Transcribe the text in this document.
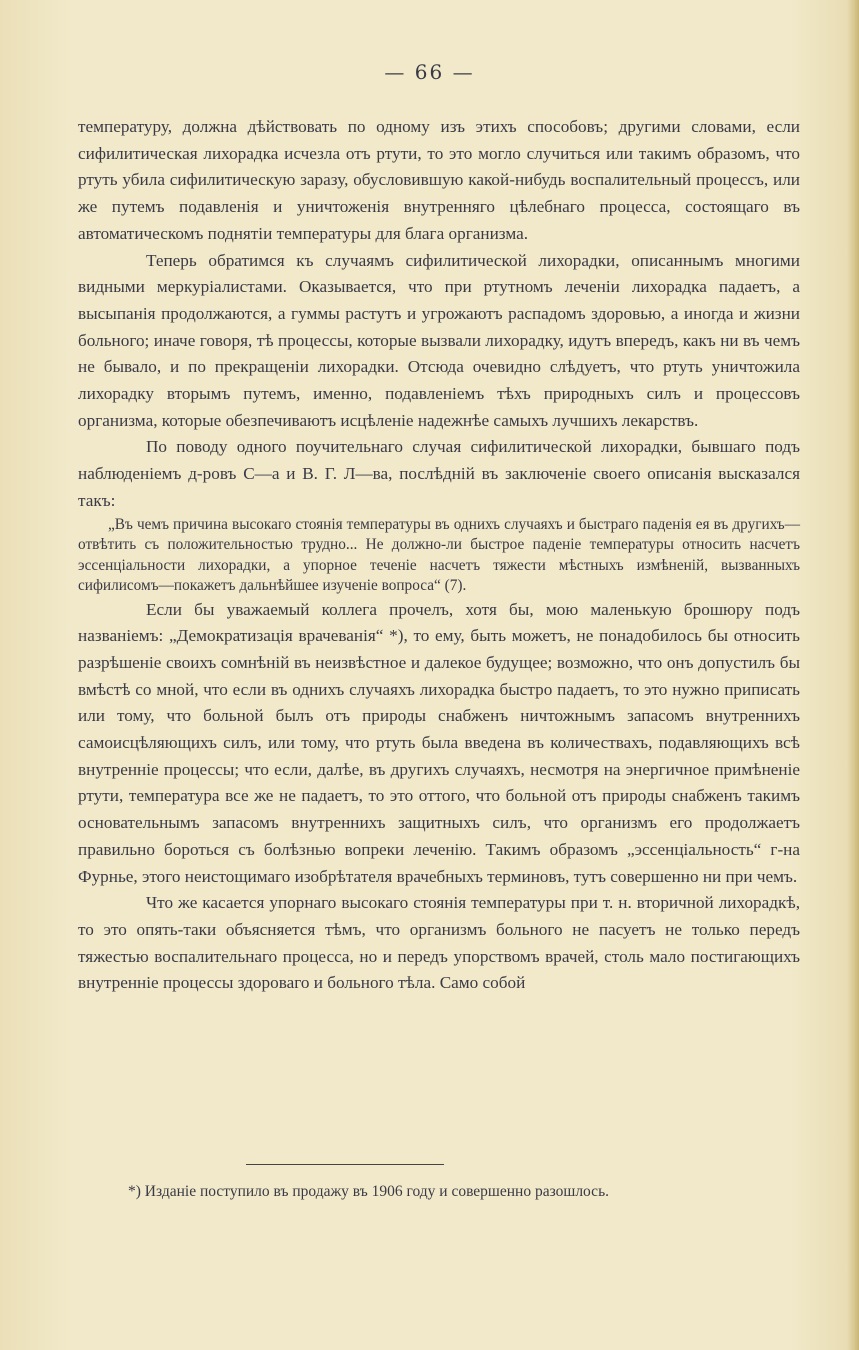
— 66 —

температуру, должна дѣйствовать по одному изъ этихъ способовъ; другими словами, если сифилитическая лихорадка исчезла отъ ртути, то это могло случиться или такимъ образомъ, что ртуть убила сифилитическую заразу, обусловившую какой-нибудь воспалительный процессъ, или же путемъ подавленія и уничтоженія внутренняго цѣлебнаго процесса, состоящаго въ автоматическомъ поднятіи температуры для блага организма.

Теперь обратимся къ случаямъ сифилитической лихорадки, описаннымъ многими видными меркуріалистами. Оказывается, что при ртутномъ леченіи лихорадка падаетъ, а высыпанія продолжаются, а гуммы растутъ и угрожаютъ распадомъ здоровью, а иногда и жизни больного; иначе говоря, тѣ процессы, которые вызвали лихорадку, идутъ впередъ, какъ ни въ чемъ не бывало, и по прекращеніи лихорадки. Отсюда очевидно слѣдуетъ, что ртуть уничтожила лихорадку вторымъ путемъ, именно, подавленіемъ тѣхъ природныхъ силъ и процессовъ организма, которые обезпечиваютъ исцѣленіе надежнѣе самыхъ лучшихъ лекарствъ.

По поводу одного поучительнаго случая сифилитической лихорадки, бывшаго подъ наблюденіемъ д-ровъ С—а и В. Г. Л—ва, послѣдній въ заключеніе своего описанія высказался такъ:

„Въ чемъ причина высокаго стоянія температуры въ однихъ случаяхъ и быстраго паденія ея въ другихъ—отвѣтить съ положительностью трудно... Не должно-ли быстрое паденіе температуры относить насчетъ эссенціальности лихорадки, а упорное теченіе насчетъ тяжести мѣстныхъ измѣненій, вызванныхъ сифилисомъ—покажетъ дальнѣйшее изученіе вопроса“ (7).

Если бы уважаемый коллега прочелъ, хотя бы, мою маленькую брошюру подъ названіемъ: „Демократизація врачеванія“ *), то ему, быть можетъ, не понадобилось бы относить разрѣшеніе своихъ сомнѣній въ неизвѣстное и далекое будущее; возможно, что онъ допустилъ бы вмѣстѣ со мной, что если въ однихъ случаяхъ лихорадка быстро падаетъ, то это нужно приписать или тому, что больной былъ отъ природы снабженъ ничтожнымъ запасомъ внутреннихъ самоисцѣляющихъ силъ, или тому, что ртуть была введена въ количествахъ, подавляющихъ всѣ внутренніе процессы; что если, далѣе, въ другихъ случаяхъ, несмотря на энергичное примѣненіе ртути, температура все же не падаетъ, то это оттого, что больной отъ природы снабженъ такимъ основательнымъ запасомъ внутреннихъ защитныхъ силъ, что организмъ его продолжаетъ правильно бороться съ болѣзнью вопреки леченію. Такимъ образомъ „эссенціальность“ г-на Фурнье, этого неистощимаго изобрѣтателя врачебныхъ терминовъ, тутъ совершенно ни при чемъ.

Что же касается упорнаго высокаго стоянія температуры при т. н. вторичной лихорадкѣ, то это опять-таки объясняется тѣмъ, что организмъ больного не пасуетъ не только передъ тяжестью воспалительнаго процесса, но и передъ упорствомъ врачей, столь мало постигающихъ внутренніе процессы здороваго и больного тѣла. Само собой

*) Изданіе поступило въ продажу въ 1906 году и совершенно разошлось.
